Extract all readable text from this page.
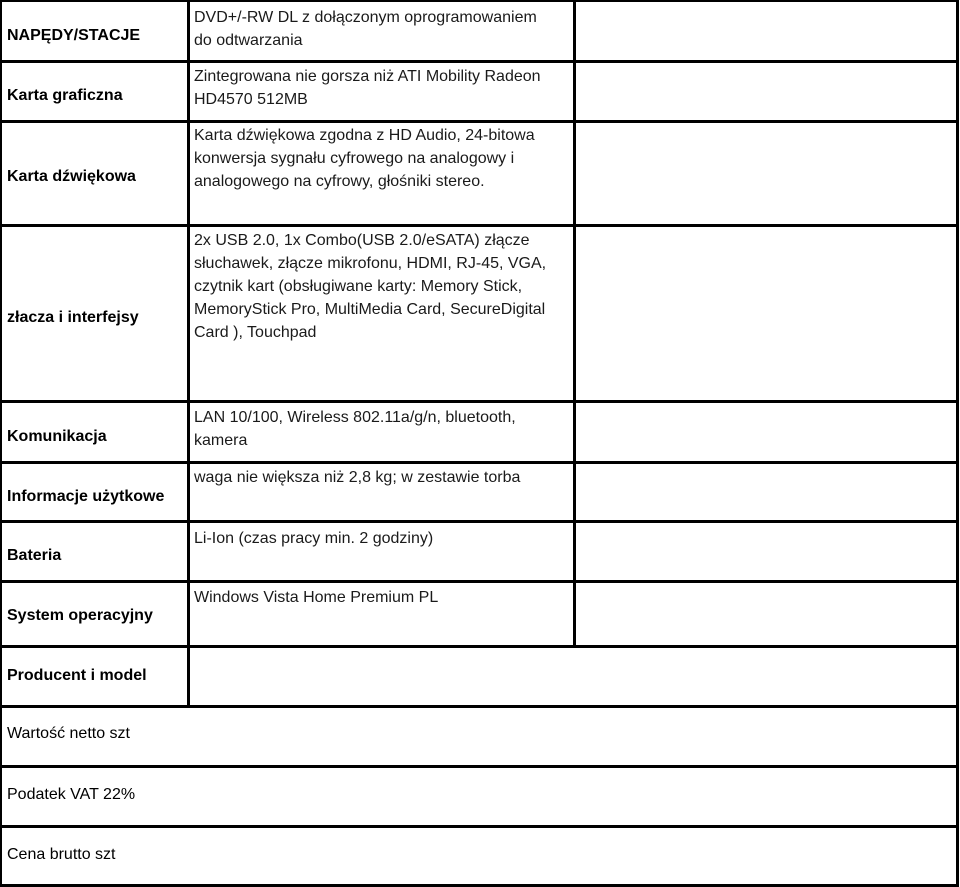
NAPĘDY/STACJE
DVD+/-RW DL z dołączonym oprogramowaniem
do odtwarzania
Karta graficzna
Zintegrowana nie gorsza niż ATI Mobility Radeon
HD4570 512MB
Karta dźwiękowa
Karta dźwiękowa zgodna z HD Audio, 24-bitowa
konwersja sygnału cyfrowego na analogowy i
analogowego na cyfrowy, głośniki stereo.
złacza i interfejsy
2x USB 2.0, 1x Combo(USB 2.0/eSATA) złącze
słuchawek, złącze mikrofonu, HDMI, RJ-45, VGA,
czytnik kart (obsługiwane karty: Memory Stick,
MemoryStick Pro, MultiMedia Card, SecureDigital
Card ), Touchpad
Komunikacja
LAN 10/100, Wireless 802.11a/g/n, bluetooth,
kamera
Informacje użytkowe
waga nie większa niż 2,8 kg; w zestawie torba
Bateria
Li-Ion (czas pracy min. 2 godziny)
System operacyjny
Windows Vista Home Premium PL
Producent i model
Wartość netto szt
Podatek VAT 22%
Cena brutto szt
